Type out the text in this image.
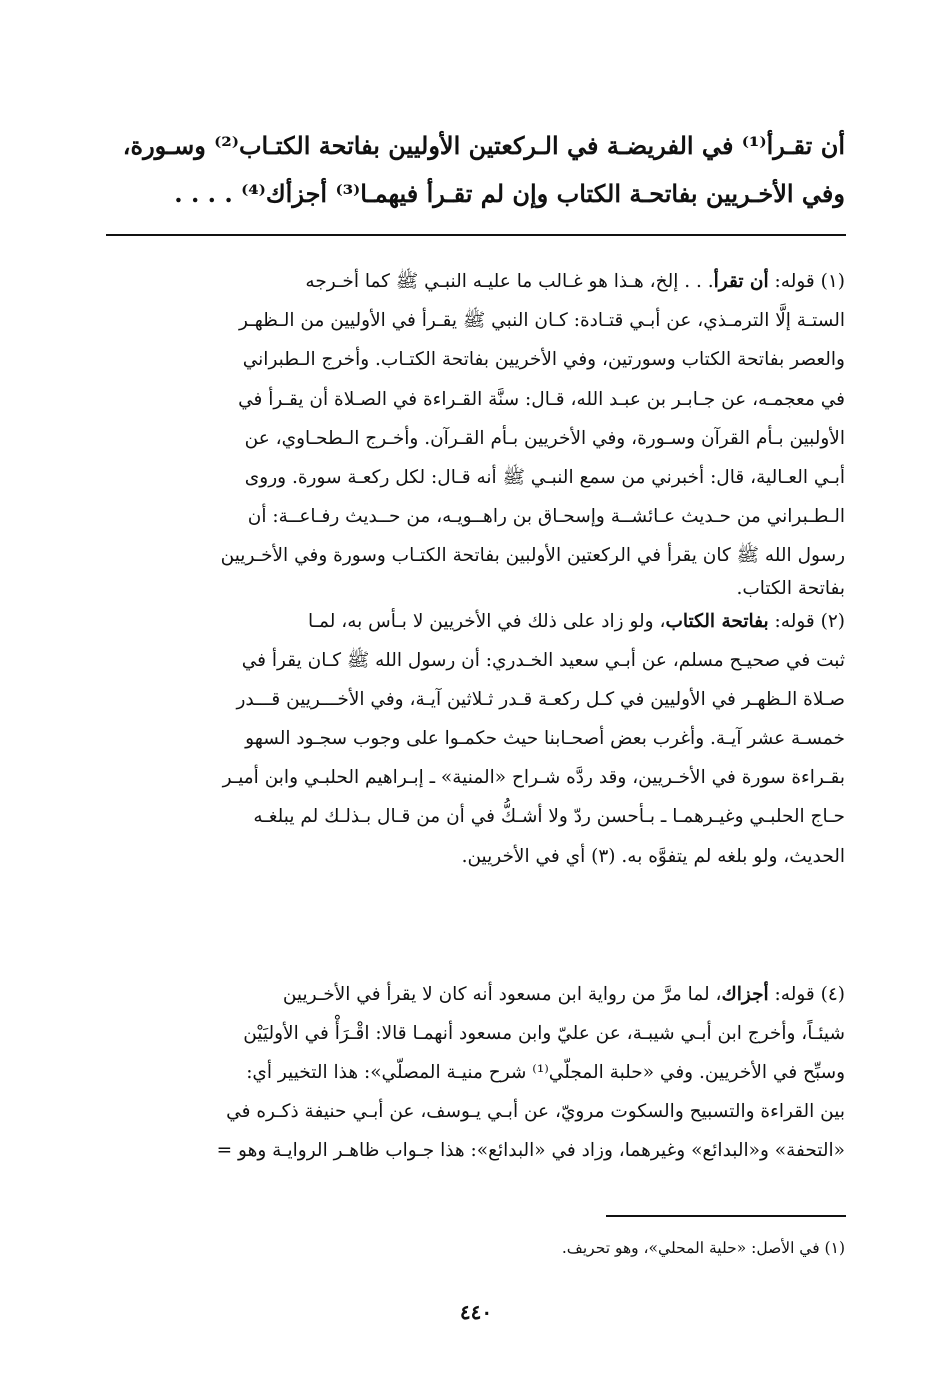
أن تقـرأ⁽¹⁾ في الفريضـة في الـركعتين الأوليين بفاتحة الكتـاب⁽²⁾ وسـورة،
وفي الأخـريين بفاتحـة الكتاب وإن لم تقـرأ فيهمـا⁽³⁾ أجزأك⁽⁴⁾ . . . .
(١) قوله: أن تقرأ. . . إلخ، هـذا هو غـالب ما عليـه النبـي ﷺ كما أخـرجه
الستـة إلَّا الترمـذي، عن أبـي قتـادة: كـان النبي ﷺ يقـرأ في الأوليين من الـظهـر
والعصر بفاتحة الكتاب وسورتين، وفي الأخريين بفاتحة الكتـاب. وأخرج الـطبراني
في معجمـه، عن جـابـر بن عبـد الله، قـال: سنَّة القـراءة في الصـلاة أن يقـرأ في
الأولبين بـأم القرآن وسـورة، وفي الأخريين بـأم القـرآن. وأخـرج الـطحـاوي، عن
أبـي العـالية، قال: أخبرني من سمع النبـي ﷺ أنه قـال: لكل ركعـة سورة. وروى
الـطـبراني من حـديث عـائشــة وإسحـاق بن راهــويـه، من حــديث رفـاعــة: أن
رسول الله ﷺ كان يقرأ في الركعتين الأولبين بفاتحة الكتـاب وسورة وفي الأخـريين
بفاتحة الكتاب.
(٢) قوله: بفاتحة الكتاب، ولو زاد على ذلك في الأخريين لا بـأس به، لمـا
ثبت في صحيـح مسلم، عن أبـي سعيد الخـدري: أن رسول الله ﷺ كـان يقرأ في
صـلاة الـظهـر في الأوليين في كـل ركعـة قـدر ثـلاثين آيـة، وفي الأخـــريين قـــدر
خمسـة عشر آيـة. وأغرب بعض أصحـابنا حيث حكمـوا على وجوب سجـود السهو
بقـراءة سورة في الأخـريين، وقد ردَّه شـراح «المنية» ـ إبـراهيم الحلبـي وابن أميـر
حـاج الحلبـي وغيـرهمـا ـ بـأحسن ردّ ولا أشـكُّ في أن من قـال بـذلـك لم يبلغـه
الحديث، ولو بلغه لم يتفوَّه به. (٣) أي في الأخريين.
(٤) قوله: أجزاك، لما مرَّ من رواية ابن مسعود أنه كان لا يقرأ في الأخـريين
شيئـاً، وأخرج ابن أبـي شيبـة، عن عليّ وابن مسعود أنهمـا قالا: اقْـرَأْ في الأوليَيْن
وسبِّح في الأخريين. وفي «حلبة المجلّي⁽¹⁾ شرح منيـة المصلّي»: هذا التخيير أي:
بين القراءة والتسبيح والسكوت مرويّ، عن أبـي يـوسف، عن أبـي حنيفة ذكـره في
«التحفة» و«البدائع» وغيرهما، وزاد في «البدائع»: هذا جـواب ظاهـر الروايـة وهو =
(١) في الأصل: «حلية المحلي»، وهو تحريف.
٤٤٠
